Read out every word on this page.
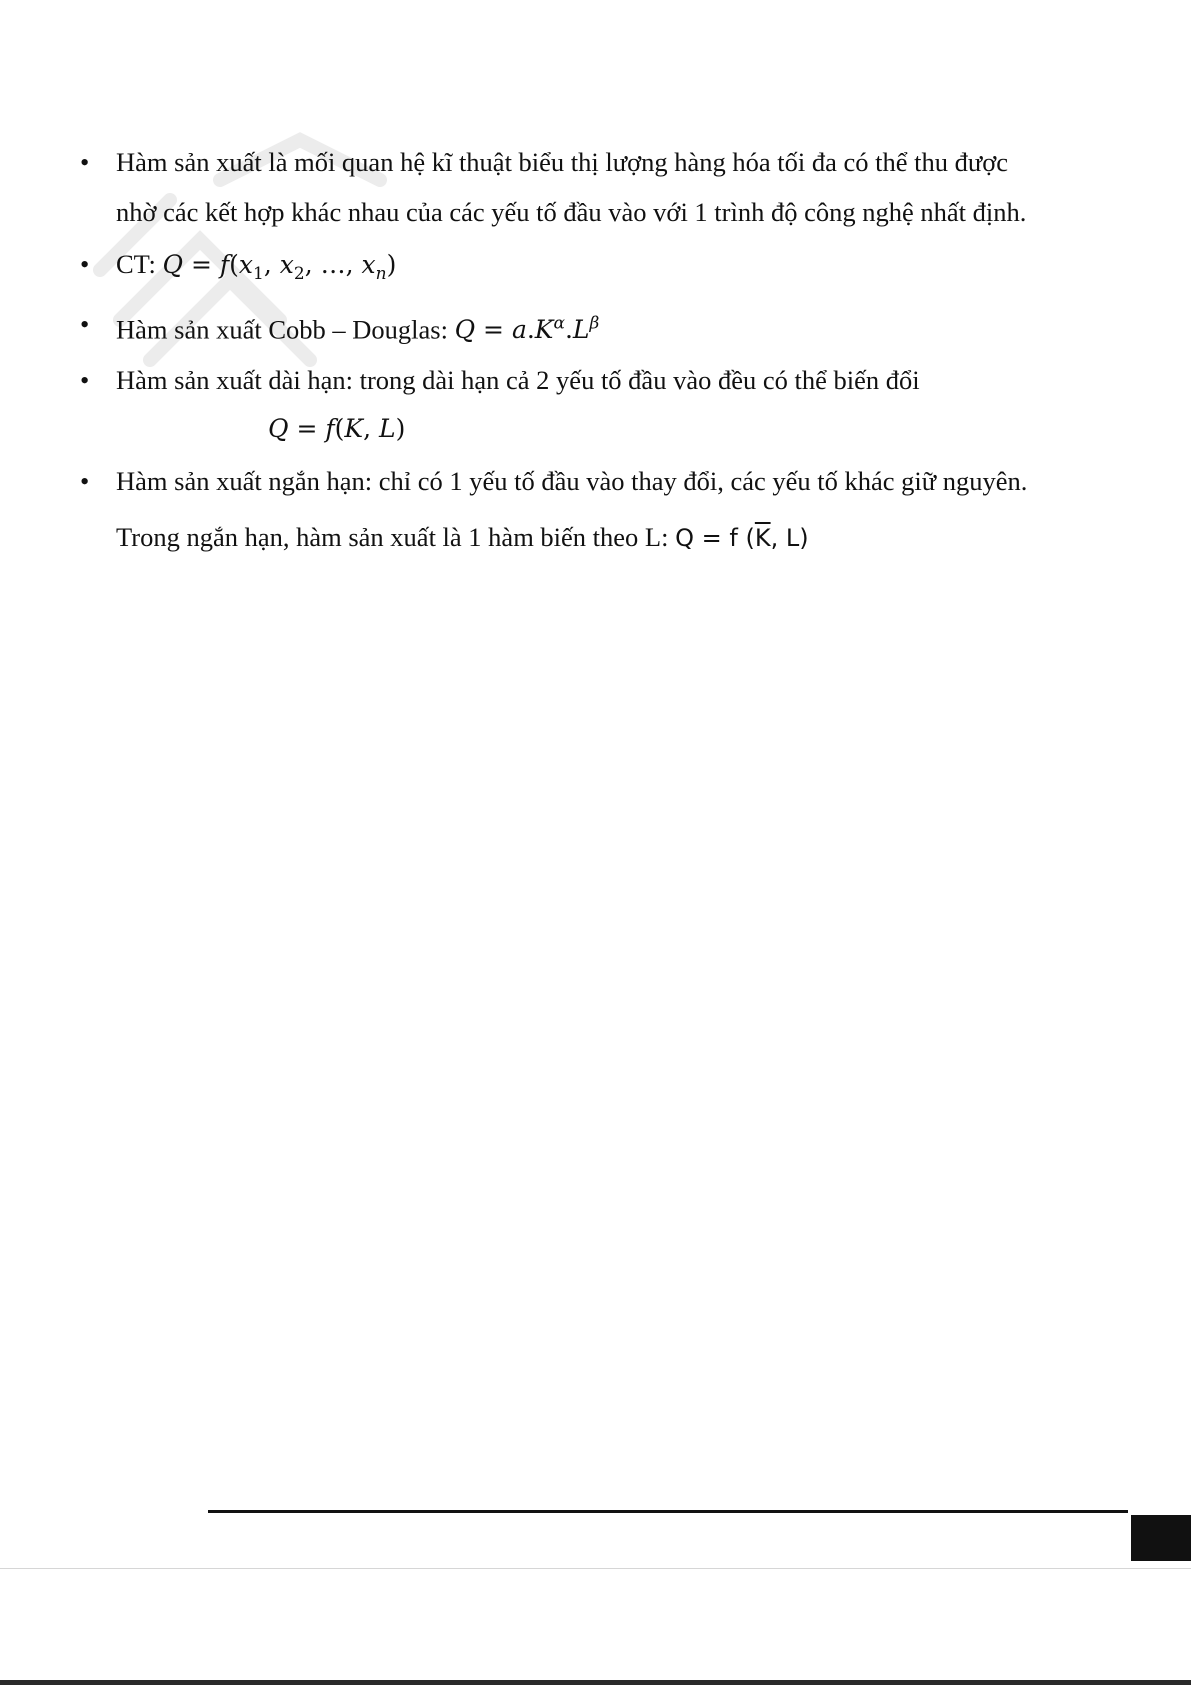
•	Hàm sản xuất là mối quan hệ kĩ thuật biểu thị lượng hàng hóa tối đa có thể thu được
nhờ các kết hợp khác nhau của các yếu tố đầu vào với 1 trình độ công nghệ nhất định.
•	CT: $Q = f(x_1$, $x_2$, …, $x_n$)
•	Hàm sản xuất Cobb – Douglas: $Q = a.K^\alpha.L^\beta$
•	Hàm sản xuất dài hạn: trong dài hạn cả 2 yếu tố đầu vào đều có thể biến đổi
Q = f(K, L)
•	Hàm sản xuất ngắn hạn: chỉ có 1 yếu tố đầu vào thay đổi, các yếu tố khác giữ nguyên.
Trong ngắn hạn, hàm sản xuất là 1 hàm biến theo L: Q = f ($\overline{K}$, L)
